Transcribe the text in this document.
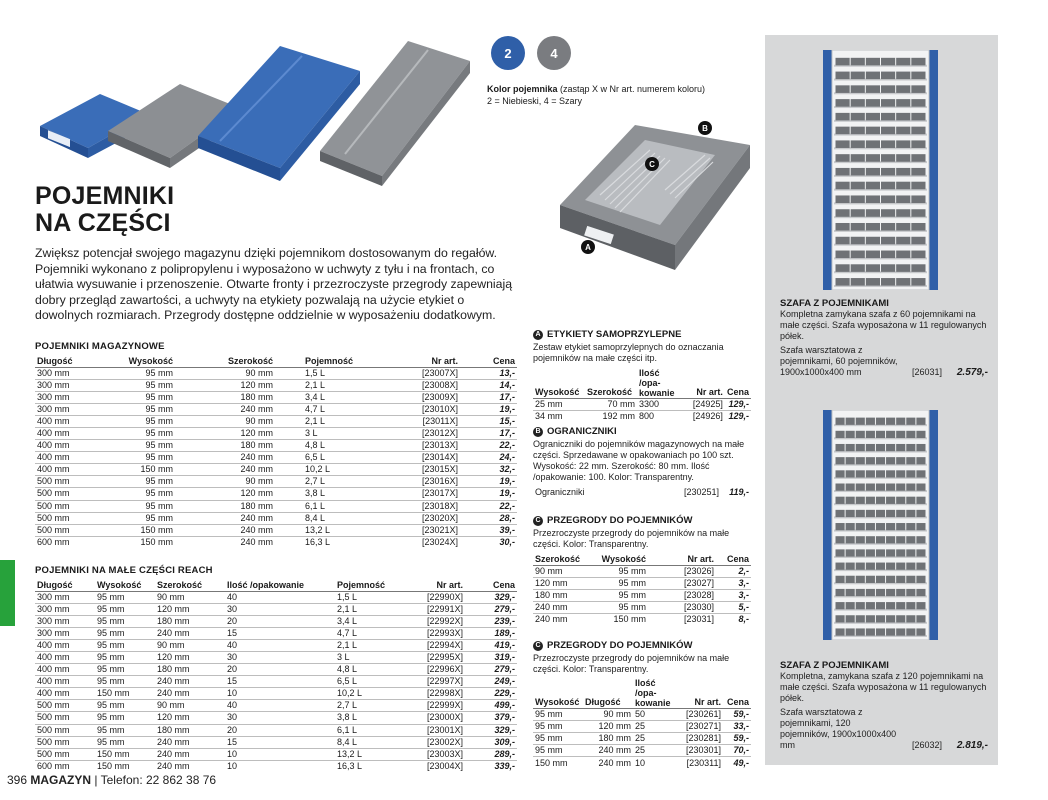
2	4
Kolor pojemnika (zastąp X w Nr art. numerem koloru)
2 = Niebieski, 4 = Szary
POJEMNIKI
NA CZĘŚCI
Zwiększ potencjał swojego magazynu dzięki pojemnikom dostosowanym do regałów. Pojemniki wykonano z polipropylenu i wyposażono w uchwyty z tyłu i na frontach, co ułatwia wysuwanie i przenoszenie. Otwarte fronty i przezroczyste przegrody zapewniają dobry przegląd zawartości, a uchwyty na etykiety pozwalają na użycie etykiet o dowolnych rozmiarach. Przegrody dostępne oddzielnie w wyposażeniu dodatkowym.
POJEMNIKI MAGAZYNOWE
Długość	Wysokość	Szerokość	Pojemność	Nr art.	Cena
300 mm	95 mm	90 mm	1,5 L	[23007X]	13,-
300 mm	95 mm	120 mm	2,1 L	[23008X]	14,-
300 mm	95 mm	180 mm	3,4 L	[23009X]	17,-
300 mm	95 mm	240 mm	4,7 L	[23010X]	19,-
400 mm	95 mm	90 mm	2,1 L	[23011X]	15,-
400 mm	95 mm	120 mm	3 L	[23012X]	17,-
400 mm	95 mm	180 mm	4,8 L	[23013X]	22,-
400 mm	95 mm	240 mm	6,5 L	[23014X]	24,-
400 mm	150 mm	240 mm	10,2 L	[23015X]	32,-
500 mm	95 mm	90 mm	2,7 L	[23016X]	19,-
500 mm	95 mm	120 mm	3,8 L	[23017X]	19,-
500 mm	95 mm	180 mm	6,1 L	[23018X]	22,-
500 mm	95 mm	240 mm	8,4 L	[23020X]	28,-
500 mm	150 mm	240 mm	13,2 L	[23021X]	39,-
600 mm	150 mm	240 mm	16,3 L	[23024X]	30,-
POJEMNIKI NA MAŁE CZĘŚCI REACH
Długość	Wysokość	Szerokość	Ilość /opakowanie	Pojemność	Nr art.	Cena
300 mm	95 mm	90 mm	40	1,5 L	[22990X]	329,-
300 mm	95 mm	120 mm	30	2,1 L	[22991X]	279,-
300 mm	95 mm	180 mm	20	3,4 L	[22992X]	239,-
300 mm	95 mm	240 mm	15	4,7 L	[22993X]	189,-
400 mm	95 mm	90 mm	40	2,1 L	[22994X]	419,-
400 mm	95 mm	120 mm	30	3 L	[22995X]	319,-
400 mm	95 mm	180 mm	20	4,8 L	[22996X]	279,-
400 mm	95 mm	240 mm	15	6,5 L	[22997X]	249,-
400 mm	150 mm	240 mm	10	10,2 L	[22998X]	229,-
500 mm	95 mm	90 mm	40	2,7 L	[22999X]	499,-
500 mm	95 mm	120 mm	30	3,8 L	[23000X]	379,-
500 mm	95 mm	180 mm	20	6,1 L	[23001X]	329,-
500 mm	95 mm	240 mm	15	8,4 L	[23002X]	309,-
500 mm	150 mm	240 mm	10	13,2 L	[23003X]	289,-
600 mm	150 mm	240 mm	10	16,3 L	[23004X]	339,-
B
C
A
A ETYKIETY SAMOPRZYLEPNE
Zestaw etykiet samoprzylepnych do oznaczania pojemników na małe części itp.
Wysokość	Szerokość	Ilość /opa-
kowanie	Nr art.	Cena
25 mm	70 mm	3300	[24925]	129,-
34 mm	192 mm	800	[24926]	129,-
B OGRANICZNIKI
Ograniczniki do pojemników magazynowych na małe części. Sprzedawane w opakowaniach po 100 szt. Wysokość: 22 mm. Szerokość: 80 mm. Ilość /opakowanie: 100. Kolor: Transparentny.
Ograniczniki	[230251]	119,-
C PRZEGRODY DO POJEMNIKÓW
Przezroczyste przegrody do pojemników na małe części. Kolor: Transparentny.
Szerokość	Wysokość	Nr art.	Cena
90 mm	95 mm	[23026]	2,-
120 mm	95 mm	[23027]	3,-
180 mm	95 mm	[23028]	3,-
240 mm	95 mm	[23030]	5,-
240 mm	150 mm	[23031]	8,-
C PRZEGRODY DO POJEMNIKÓW
Przezroczyste przegrody do pojemników na małe części. Kolor: Transparentny.
Wysokość	Długość	Ilość /opa-
kowanie	Nr art.	Cena
95 mm	90 mm	50	[230261]	59,-
95 mm	120 mm	25	[230271]	33,-
95 mm	180 mm	25	[230281]	59,-
95 mm	240 mm	25	[230301]	70,-
150 mm	240 mm	10	[230311]	49,-
SZAFA Z POJEMNIKAMI
Kompletna zamykana szafa z 60 pojemnikami na małe części. Szafa wyposażona w 11 regulowanych półek.
Szafa warsztatowa z pojemnikami, 60 pojemników, 1900x1000x400 mm	[26031]	2.579,-
SZAFA Z POJEMNIKAMI
Kompletna, zamykana szafa z 120 pojemnikami na małe części. Szafa wyposażona w 11 regulowanych półek.
Szafa warsztatowa z pojemnikami, 120 pojemników, 1900x1000x400 mm	[26032]	2.819,-
396 MAGAZYN | Telefon: 22 862 38 76
